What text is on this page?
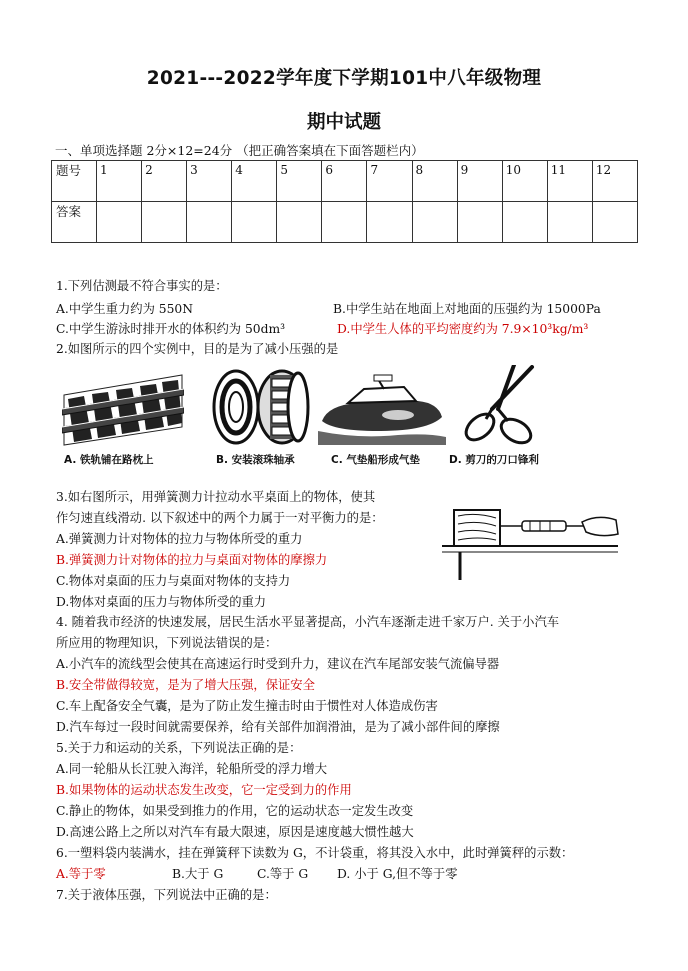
2021---2022学年度下学期101中八年级物理
期中试题
一、单项选择题 2分×12=24分 （把正确答案填在下面答题栏内）
题号	1	2	3	4	5	6	7	8	9	10	11	12
答案												
1.下列估测最不符合事实的是：
A.中学生重力约为 550N	B.中学生站在地面上对地面的压强约为 15000Pa
C.中学生游泳时排开水的体积约为 50dm³	D.中学生人体的平均密度约为 7.9×10³kg/m³
2.如图所示的四个实例中，目的是为了减小压强的是
A. 铁轨铺在路枕上	B. 安装滚珠轴承	C. 气垫船形成气垫	D. 剪刀的刀口锋利
3.如右图所示，用弹簧测力计拉动水平桌面上的物体，使其
作匀速直线滑动. 以下叙述中的两个力属于一对平衡力的是：
A.弹簧测力计对物体的拉力与物体所受的重力
B.弹簧测力计对物体的拉力与桌面对物体的摩擦力
C.物体对桌面的压力与桌面对物体的支持力
D.物体对桌面的压力与物体所受的重力
4. 随着我市经济的快速发展，居民生活水平显著提高，小汽车逐渐走进千家万户. 关于小汽车
所应用的物理知识，下列说法错误的是：
A.小汽车的流线型会使其在高速运行时受到升力，建议在汽车尾部安装气流偏导器
B.安全带做得较宽，是为了增大压强，保证安全
C.车上配备安全气囊，是为了防止发生撞击时由于惯性对人体造成伤害
D.汽车每过一段时间就需要保养，给有关部件加润滑油，是为了减小部件间的摩擦
5.关于力和运动的关系，下列说法正确的是：
A.同一轮船从长江驶入海洋，轮船所受的浮力增大
B.如果物体的运动状态发生改变，它一定受到力的作用
C.静止的物体，如果受到推力的作用，它的运动状态一定发生改变
D.高速公路上之所以对汽车有最大限速，原因是速度越大惯性越大
6.一塑料袋内装满水，挂在弹簧秤下读数为 G，不计袋重，将其没入水中，此时弹簧秤的示数：
A.等于零	B.大于 G	C.等于 G D. 小于 G,但不等于零
7.关于液体压强，下列说法中正确的是：
